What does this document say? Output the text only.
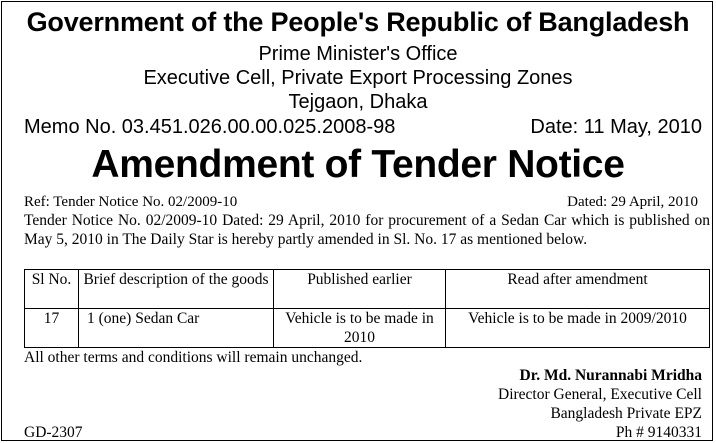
Government of the People's Republic of Bangladesh
Prime Minister's Office
Executive Cell, Private Export Processing Zones
Tejgaon, Dhaka
Memo No. 03.451.026.00.00.025.2008-98	Date: 11 May, 2010
Amendment of Tender Notice
Ref: Tender Notice No. 02/2009-10	Dated: 29 April, 2010
Tender Notice No. 02/2009-10 Dated: 29 April, 2010 for procurement of a Sedan Car which is published on May 5, 2010 in The Daily Star is hereby partly amended in Sl. No. 17 as mentioned below.
Sl No.	Brief description of the goods	Published earlier	Read after amendment
17	1 (one) Sedan Car	Vehicle is to be made in 2010	Vehicle is to be made in 2009/2010
All other terms and conditions will remain unchanged.
Dr. Md. Nurannabi Mridha
Director General, Executive Cell
Bangladesh Private EPZ
Ph # 9140331
GD-2307
